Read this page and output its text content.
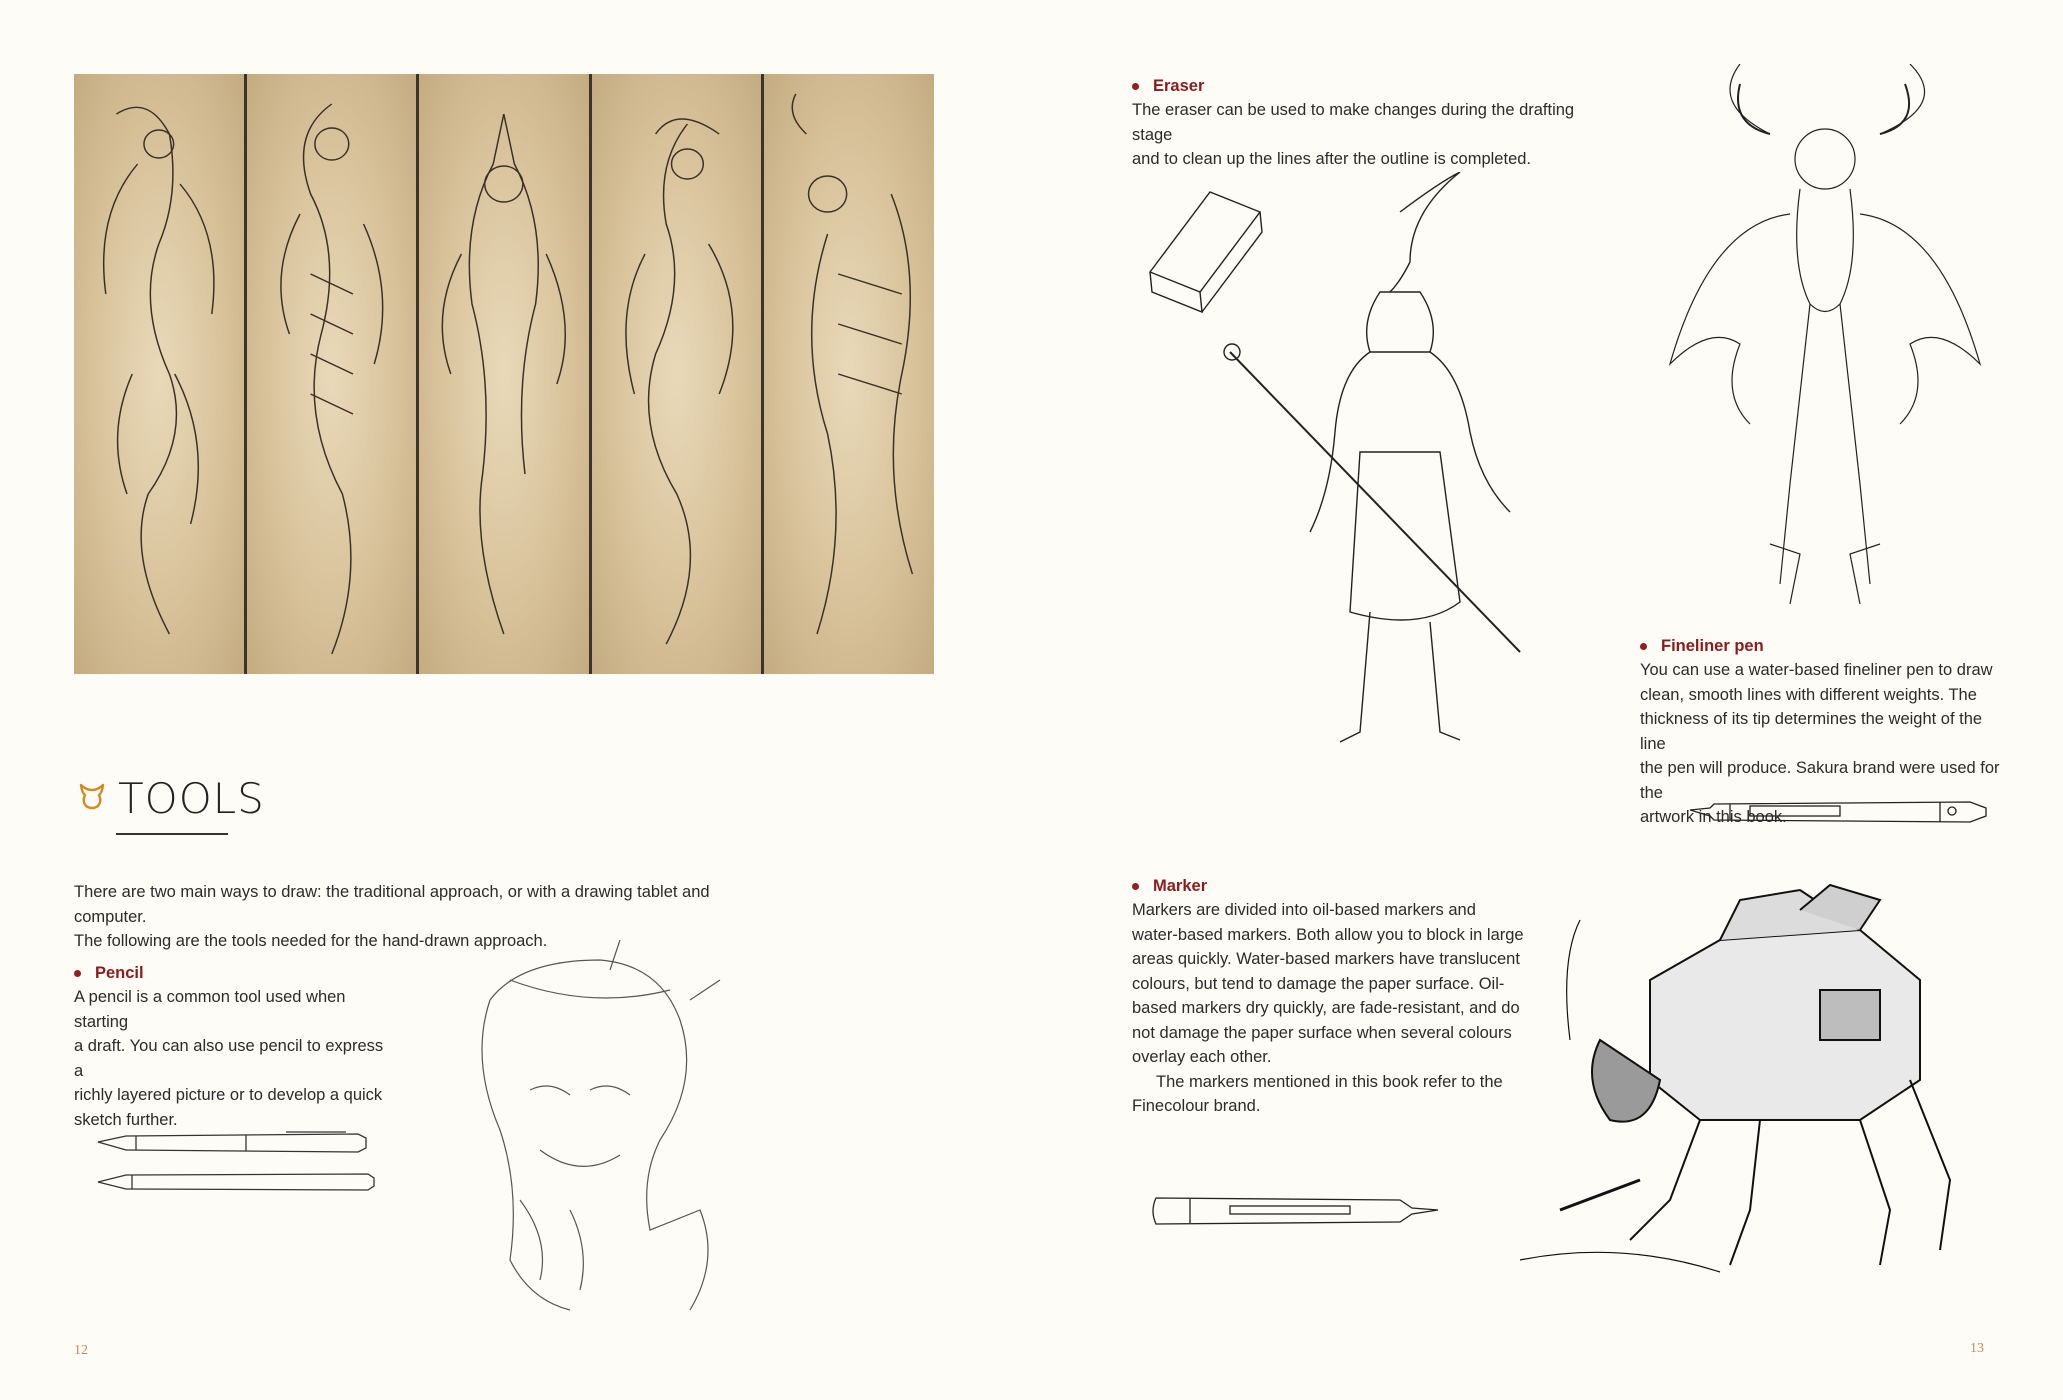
TOOLS
There are two main ways to draw: the traditional approach, or with a drawing tablet and computer.
The following are the tools needed for the hand-drawn approach.
Pencil
A pencil is a common tool used when starting
a draft. You can also use pencil to express a
richly layered picture or to develop a quick
sketch further.
12
Eraser
The eraser can be used to make changes during the drafting stage
and to clean up the lines after the outline is completed.
Fineliner pen
You can use a water-based fineliner pen to draw
clean, smooth lines with different weights. The
thickness of its tip determines the weight of the line
the pen will produce. Sakura brand were used for the
artwork in this book.
Marker
Markers are divided into oil-based markers and
water-based markers. Both allow you to block in large
areas quickly. Water-based markers have translucent
colours, but tend to damage the paper surface. Oil-
based markers dry quickly, are fade-resistant, and do
not damage the paper surface when several colours
overlay each other.
The markers mentioned in this book refer to the
Finecolour brand.
13
